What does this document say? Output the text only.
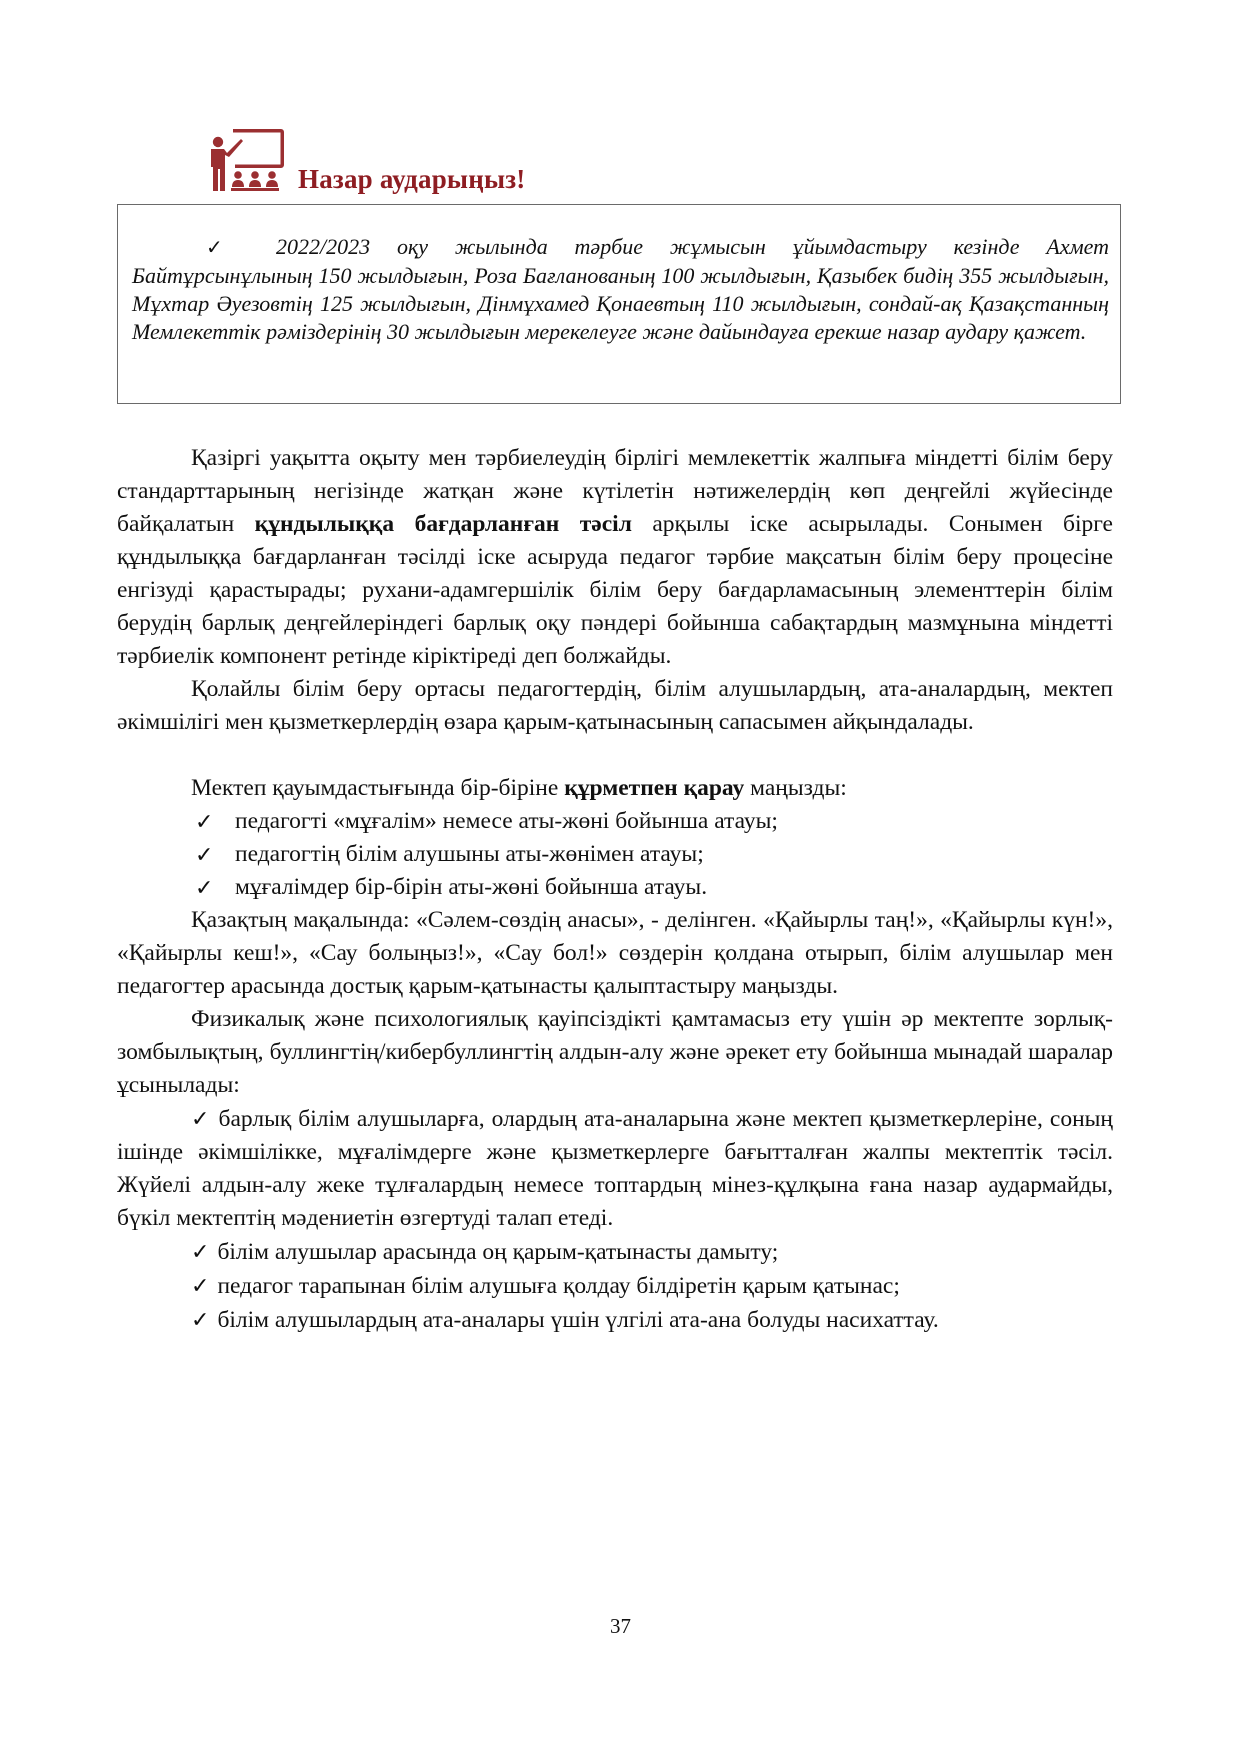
Назар аударыңыз!
✓ 2022/2023 оқу жылында тәрбие жұмысын ұйымдастыру кезінде Ахмет Байтұрсынұлының 150 жылдығын, Роза Бағланованың 100 жылдығын, Қазыбек бидің 355 жылдығын, Мұхтар Әуезовтің 125 жылдығын, Дінмұхамед Қонаевтың 110 жылдығын, сондай-ақ Қазақстанның Мемлекеттік рәміздерінің 30 жылдығын мерекелеуге және дайындауға ерекше назар аудару қажет.

Қазіргі уақытта оқыту мен тәрбиелеудің бірлігі мемлекеттік жалпыға міндетті білім беру стандарттарының негізінде жатқан және күтілетін нәтижелердің көп деңгейлі жүйесінде байқалатын құндылыққа бағдарланған тәсіл арқылы іске асырылады. Сонымен бірге құндылыққа бағдарланған тәсілді іске асыруда педагог тәрбие мақсатын білім беру процесіне енгізуді қарастырады; рухани-адамгершілік білім беру бағдарламасының элементтерін білім берудің барлық деңгейлеріндегі барлық оқу пәндері бойынша сабақтардың мазмұнына міндетті тәрбиелік компонент ретінде кіріктіреді деп болжайды.

Қолайлы білім беру ортасы педагогтердің, білім алушылардың, ата-аналардың, мектеп әкімшілігі мен қызметкерлердің өзара қарым-қатынасының сапасымен айқындалады.

Мектеп қауымдастығында бір-біріне құрметпен қарау маңызды:

✓ педагогті «мұғалім» немесе аты-жөні бойынша атауы;
✓ педагогтің білім алушыны аты-жөнімен атауы;
✓ мұғалімдер бір-бірін аты-жөні бойынша атауы.

Қазақтың мақалында: «Сәлем-сөздің анасы», - делінген. «Қайырлы таң!», «Қайырлы күн!», «Қайырлы кеш!», «Сау болыңыз!», «Сау бол!» сөздерін қолдана отырып, білім алушылар мен педагогтер арасында достық қарым-қатынасты қалыптастыру маңызды.

Физикалық және психологиялық қауіпсіздікті қамтамасыз ету үшін әр мектепте зорлық-зомбылықтың, буллингтің/кибербуллингтің алдын-алу және әрекет ету бойынша мынадай шаралар ұсынылады:

✓ барлық білім алушыларға, олардың ата-аналарына және мектеп қызметкерлеріне, соның ішінде әкімшілікке, мұғалімдерге және қызметкерлерге бағытталған жалпы мектептік тәсіл. Жүйелі алдын-алу жеке тұлғалардың немесе топтардың мінез-құлқына ғана назар аудармайды, бүкіл мектептің мәдениетін өзгертуді талап етеді.

✓ білім алушылар арасында оң қарым-қатынасты дамыту;

✓ педагог тарапынан білім алушыға қолдау білдіретін қарым қатынас;

✓ білім алушылардың ата-аналары үшін үлгілі ата-ана болуды насихаттау.

37
